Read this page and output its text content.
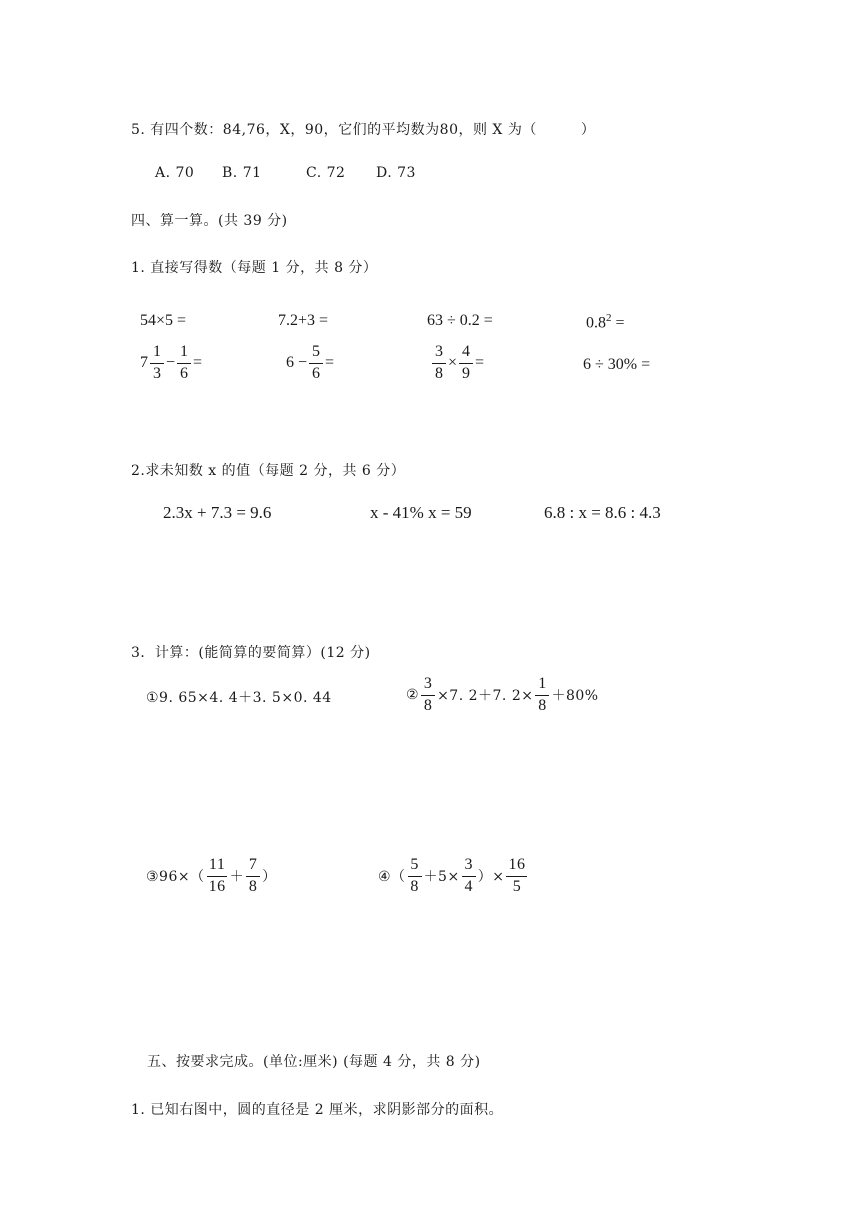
5. 有四个数：84,76，X，90，它们的平均数为80，则 X 为（	）
A. 70 B. 71	C. 72 D. 73
四、算一算。(共 39 分)
1. 直接写得数（每题 1 分，共 8 分）
54×5 =	7.2+3 =	63 ÷ 0.2 =	$0.8^2$ =
$7 \frac{1}{3} - \frac{1}{6}$ =	$6 - \frac{5}{6}$ =	$\frac{3}{8} \times \frac{4}{9}$ =	6 ÷ 30% =
2.求未知数 x 的值（每题 2 分，共 6 分）
2.3x + 7.3 = 9.6	x - 41% x = 59	6.8 : x = 8.6 : 4.3
3．计算：(能简算的要简算）(12 分)
①9. 65×4. 4＋3. 5×0. 44	② $\frac{3}{8} \times 7$. 2＋7. $2\times \frac{1}{8} +80\%$
③96×（ $\frac{11}{16} + \frac{7}{8}$ ）	④（ $\frac{5}{8} +5\times \frac{3}{4}$ ）× $\frac{16}{5}$
五、按要求完成。(单位:厘米) (每题 4 分，共 8 分)
1. 已知右图中，圆的直径是 2 厘米，求阴影部分的面积。
